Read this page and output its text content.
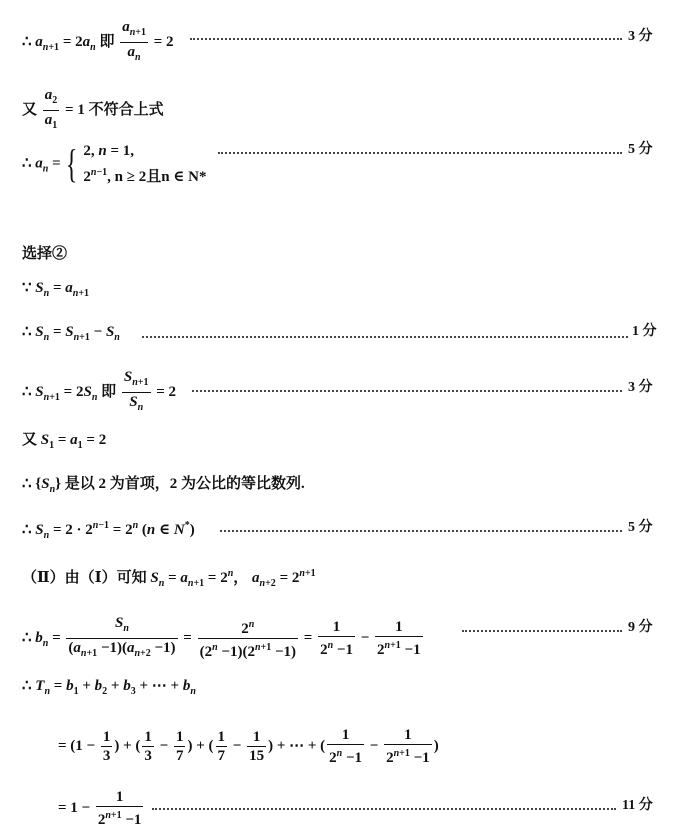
∴ $a_{n+1} = 2a_n$ 即 $\frac{a_{n+1}}{a_n} = 2$	3 分
又 $\frac{a_2}{a_1} = 1$ 不符合上式
∴ $a_n$ = { 2, n = 1,
$2^{n-1}$, n ≥ 2且n ∈ N*
5 分
选择②
∵ $S_n = a_{n+1}$
∴ $S_n = S_{n+1} - S_n$	1 分
∴ $S_{n+1} = 2S_n$ 即 $\frac{S_{n+1}}{S_n} = 2$	3 分
又 $S_1 = a_1 = 2$
∴ $\{S_n\}$ 是以 2 为首项，2 为公比的等比数列.
∴ $S_n = 2 \cdot 2^{n-1} = 2^n$ (n ∈ N*)	5 分
（Ⅱ）由（Ⅰ）可知 $S_n = a_{n+1} = 2^n$， $a_{n+2} = 2^{n+1}$
∴ $b_n = \frac{S_n}{(a_{n+1} -1)(a_{n+2} -1)} = \frac{2^n}{(2^n -1)(2^{n+1} -1)} = \frac{1}{2^n -1} - \frac{1}{2^{n+1} -1}$	9 分
∴ $T_n = b_1 + b_2 + b_3$ + ⋯ + $b_n$
= ($1 - \frac{1}{3}$ ) + ( $\frac{1}{3} - \frac{1}{7}$ ) + ( $\frac{1}{7} - \frac{1}{15}$ ) + ⋯ + ( $\frac{1}{2^n -1} - \frac{1}{2^{n+1} -1}$ )
= $1 - \frac{1}{2^{n+1} -1}$	11 分
